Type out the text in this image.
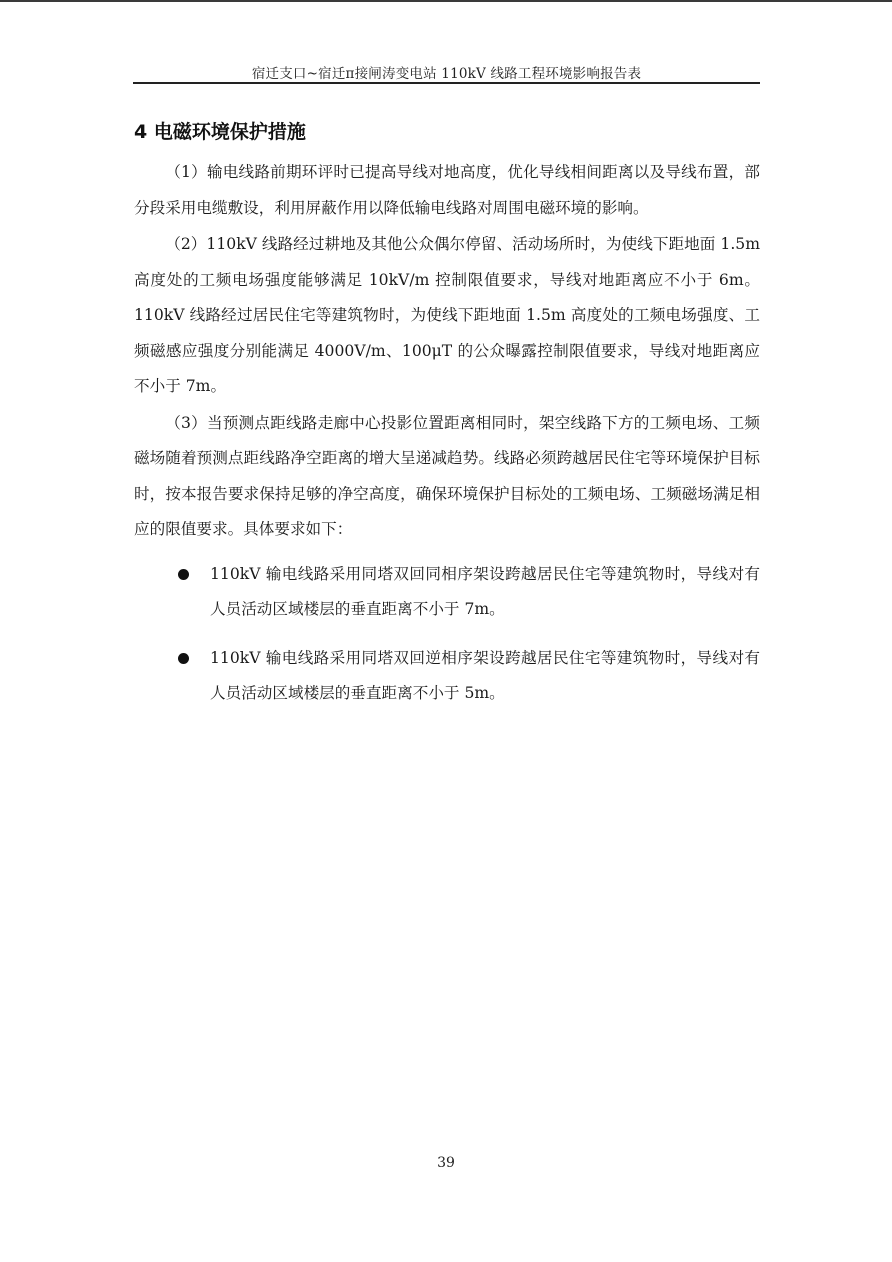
宿迁支口~宿迁π接闸涛变电站 110kV 线路工程环境影响报告表
4 电磁环境保护措施

（1）输电线路前期环评时已提高导线对地高度，优化导线相间距离以及导线布置，部分段采用电缆敷设，利用屏蔽作用以降低输电线路对周围电磁环境的影响。

（2）110kV 线路经过耕地及其他公众偶尔停留、活动场所时，为使线下距地面 1.5m 高度处的工频电场强度能够满足 10kV/m 控制限值要求，导线对地距离应不小于 6m。110kV 线路经过居民住宅等建筑物时，为使线下距地面 1.5m 高度处的工频电场强度、工频磁感应强度分别能满足 4000V/m、100μT 的公众曝露控制限值要求，导线对地距离应不小于 7m。

（3）当预测点距线路走廊中心投影位置距离相同时，架空线路下方的工频电场、工频磁场随着预测点距线路净空距离的增大呈递减趋势。线路必须跨越居民住宅等环境保护目标时，按本报告要求保持足够的净空高度，确保环境保护目标处的工频电场、工频磁场满足相应的限值要求。具体要求如下：

110kV 输电线路采用同塔双回同相序架设跨越居民住宅等建筑物时，导线对有人员活动区域楼层的垂直距离不小于 7m。
110kV 输电线路采用同塔双回逆相序架设跨越居民住宅等建筑物时，导线对有人员活动区域楼层的垂直距离不小于 5m。
39
